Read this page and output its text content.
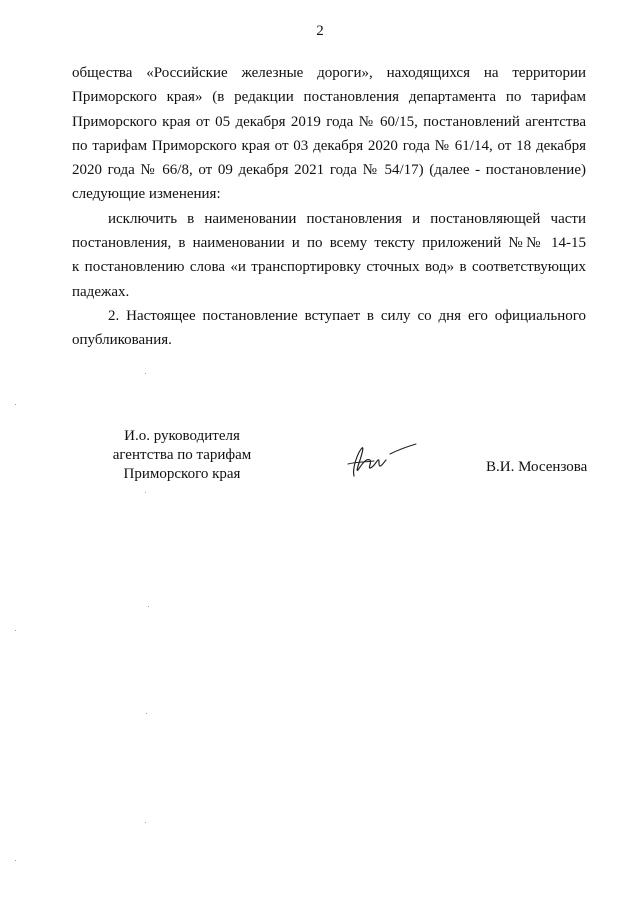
2
общества «Российские железные дороги», находящихся на территории
Приморского края» (в редакции постановления департамента по тарифам
Приморского края от 05 декабря 2019 года № 60/15, постановлений агентства
по тарифам Приморского края от 03 декабря 2020 года № 61/14, от 18 декабря
2020 года № 66/8, от 09 декабря 2021 года № 54/17) (далее - постановление)
следующие изменения:
исключить в наименовании постановления и постановляющей части
постановления, в наименовании и по всему тексту приложений №№ 14-15
к постановлению слова «и транспортировку сточных вод» в соответствующих
падежах.
2. Настоящее постановление вступает в силу со дня его официального
опубликования.
И.о. руководителя
агентства по тарифам
Приморского края	В.И. Мосензова
